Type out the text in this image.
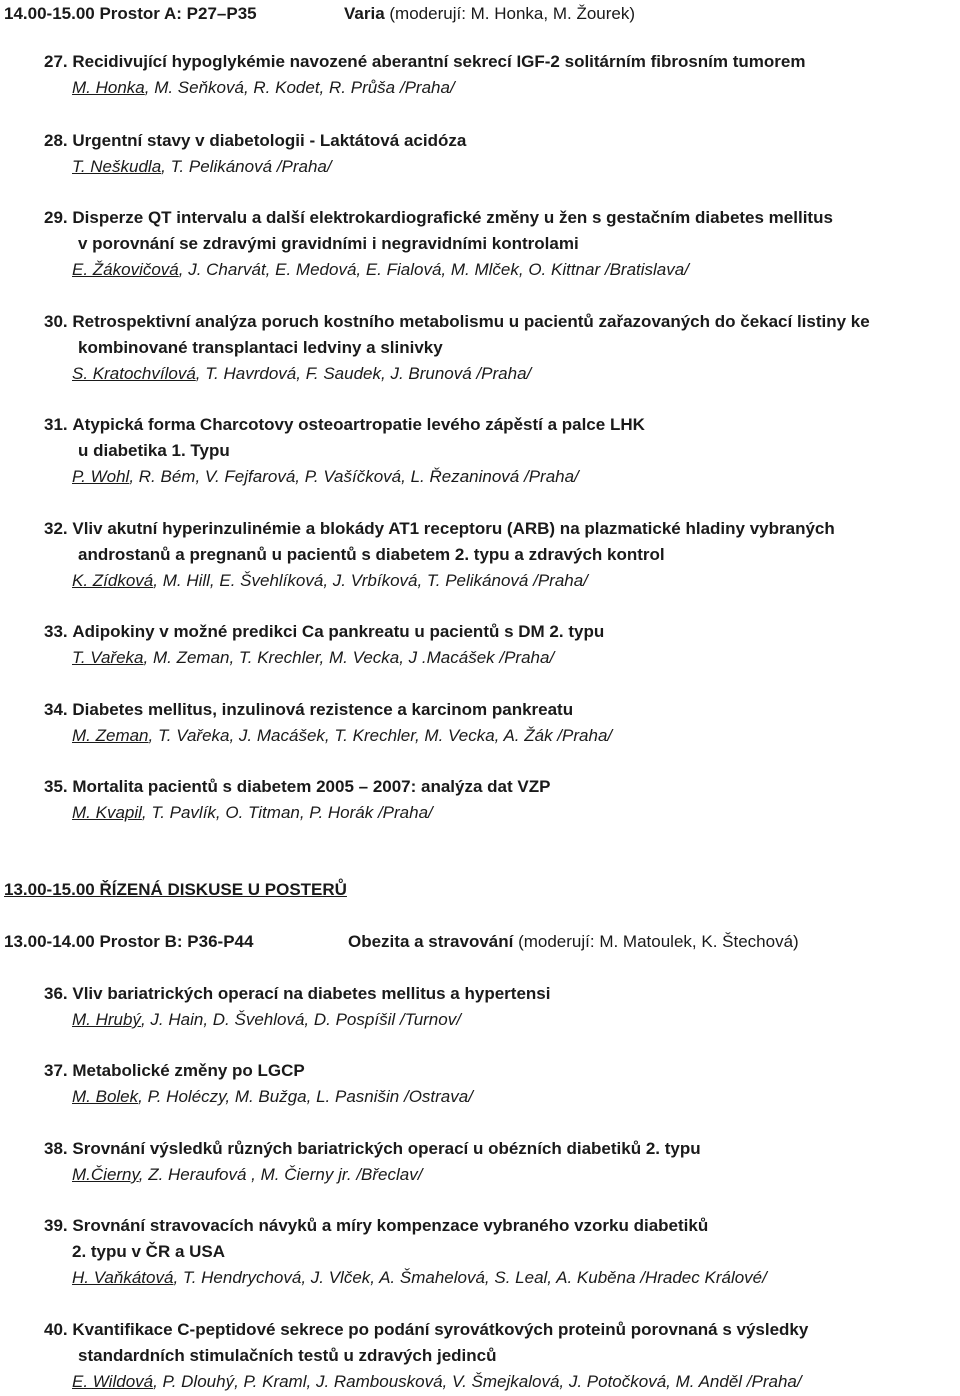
14.00-15.00 Prostor A: P27–P35	Varia (moderují: M. Honka, M. Žourek)
27. Recidivující hypoglykémie navozené aberantní sekrecí IGF-2 solitárním fibrosním tumorem
M. Honka, M. Seňková, R. Kodet, R. Průša /Praha/
28. Urgentní stavy v diabetologii - Laktátová acidóza
T. Neškudla, T. Pelikánová /Praha/
29. Disperze QT intervalu a další elektrokardiografické změny u žen s gestačním diabetes mellitus
v porovnání se zdravými gravidními i negravidními kontrolami
E. Žákovičová, J. Charvát, E. Medová, E. Fialová, M. Mlček, O. Kittnar /Bratislava/
30. Retrospektivní analýza poruch kostního metabolismu u pacientů zařazovaných do čekací listiny ke
kombinované transplantaci ledviny a slinivky
S. Kratochvílová, T. Havrdová, F. Saudek, J. Brunová /Praha/
31. Atypická forma Charcotovy osteoartropatie levého zápěstí a palce LHK
u diabetika 1. Typu
P. Wohl, R. Bém, V. Fejfarová, P. Vašíčková, L. Řezaninová /Praha/
32. Vliv akutní hyperinzulinémie a blokády AT1 receptoru (ARB) na plazmatické hladiny vybraných
androstanů a pregnanů u pacientů s diabetem 2. typu a zdravých kontrol
K. Zídková, M. Hill, E. Švehlíková, J. Vrbíková, T. Pelikánová /Praha/
33. Adipokiny v možné predikci Ca pankreatu u pacientů s DM 2. typu
T. Vařeka, M. Zeman, T. Krechler, M. Vecka, J .Macášek /Praha/
34. Diabetes mellitus, inzulinová rezistence a karcinom pankreatu
M. Zeman, T. Vařeka, J. Macášek, T. Krechler, M. Vecka, A. Žák /Praha/
35. Mortalita pacientů s diabetem 2005 – 2007: analýza dat VZP
M. Kvapil, T. Pavlík, O. Titman, P. Horák /Praha/
13.00-15.00 ŘÍZENÁ DISKUSE U POSTERŮ
13.00-14.00 Prostor B: P36-P44	Obezita a stravování (moderují: M. Matoulek, K. Štechová)
36. Vliv bariatrických operací na diabetes mellitus a hypertensi
M. Hrubý, J. Hain, D. Švehlová, D. Pospíšil /Turnov/
37. Metabolické změny po LGCP
M. Bolek, P. Holéczy, M. Bužga, L. Pasnišin /Ostrava/
38. Srovnání výsledků různých bariatrických operací u obézních diabetiků 2. typu
M.Čierny, Z. Heraufová , M. Čierny jr. /Břeclav/
39. Srovnání stravovacích návyků a míry kompenzace vybraného vzorku diabetiků
2. typu v ČR a USA
H. Vaňkátová, T. Hendrychová, J. Vlček, A. Šmahelová, S. Leal, A. Kuběna /Hradec Králové/
40. Kvantifikace C-peptidové sekrece po podání syrovátkových proteinů porovnaná s výsledky
standardních stimulačních testů u zdravých jedinců
E. Wildová, P. Dlouhý, P. Kraml, J. Rambousková, V. Šmejkalová, J. Potočková, M. Anděl /Praha/
